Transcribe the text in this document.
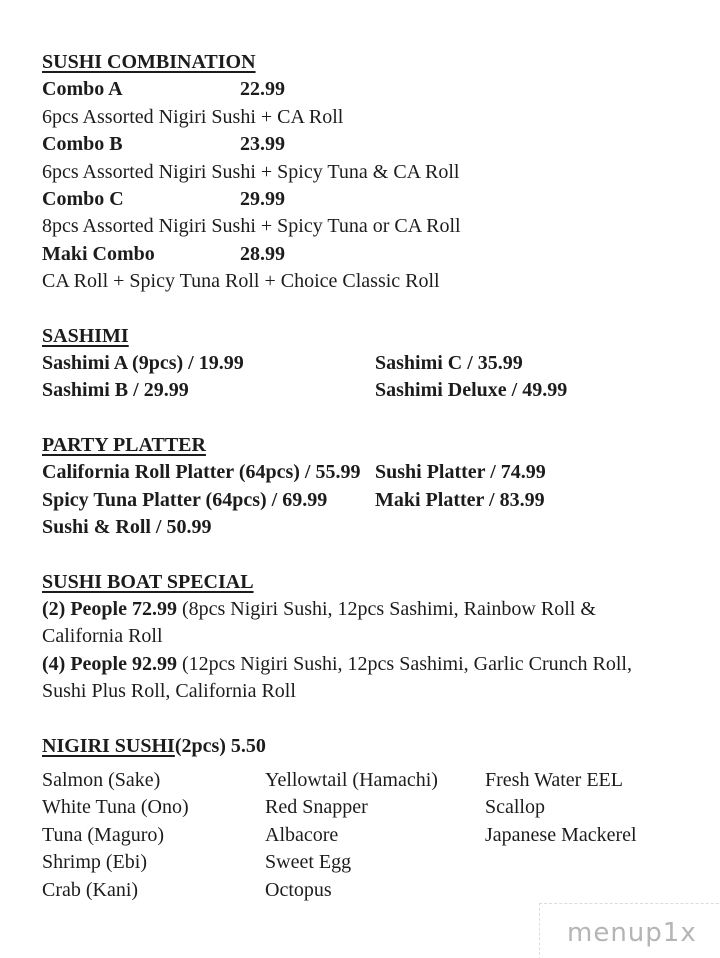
SUSHI COMBINATION
Combo A	22.99
6pcs Assorted Nigiri Sushi + CA Roll
Combo B	23.99
6pcs Assorted Nigiri Sushi + Spicy Tuna & CA Roll
Combo C	29.99
8pcs Assorted Nigiri Sushi + Spicy Tuna or CA Roll
Maki Combo	28.99
CA Roll + Spicy Tuna Roll + Choice Classic Roll
SASHIMI
Sashimi A (9pcs) / 19.99	Sashimi C / 35.99
Sashimi B / 29.99	Sashimi Deluxe / 49.99
PARTY PLATTER
California Roll Platter (64pcs) / 55.99 Sushi Platter / 74.99
Spicy Tuna Platter (64pcs) / 69.99	Maki Platter / 83.99
Sushi & Roll / 50.99
SUSHI BOAT SPECIAL
(2) People 72.99 (8pcs Nigiri Sushi, 12pcs Sashimi, Rainbow Roll & California Roll
(4) People 92.99 (12pcs Nigiri Sushi, 12pcs Sashimi, Garlic Crunch Roll, Sushi Plus Roll, California Roll
NIGIRI SUSHI(2pcs) 5.50
Salmon (Sake)	Yellowtail (Hamachi)	Fresh Water EEL
White Tuna (Ono)	Red Snapper	Scallop
Tuna (Maguro)	Albacore	Japanese Mackerel
Shrimp (Ebi)	Sweet Egg
Crab (Kani)	Octopus
menup1x
